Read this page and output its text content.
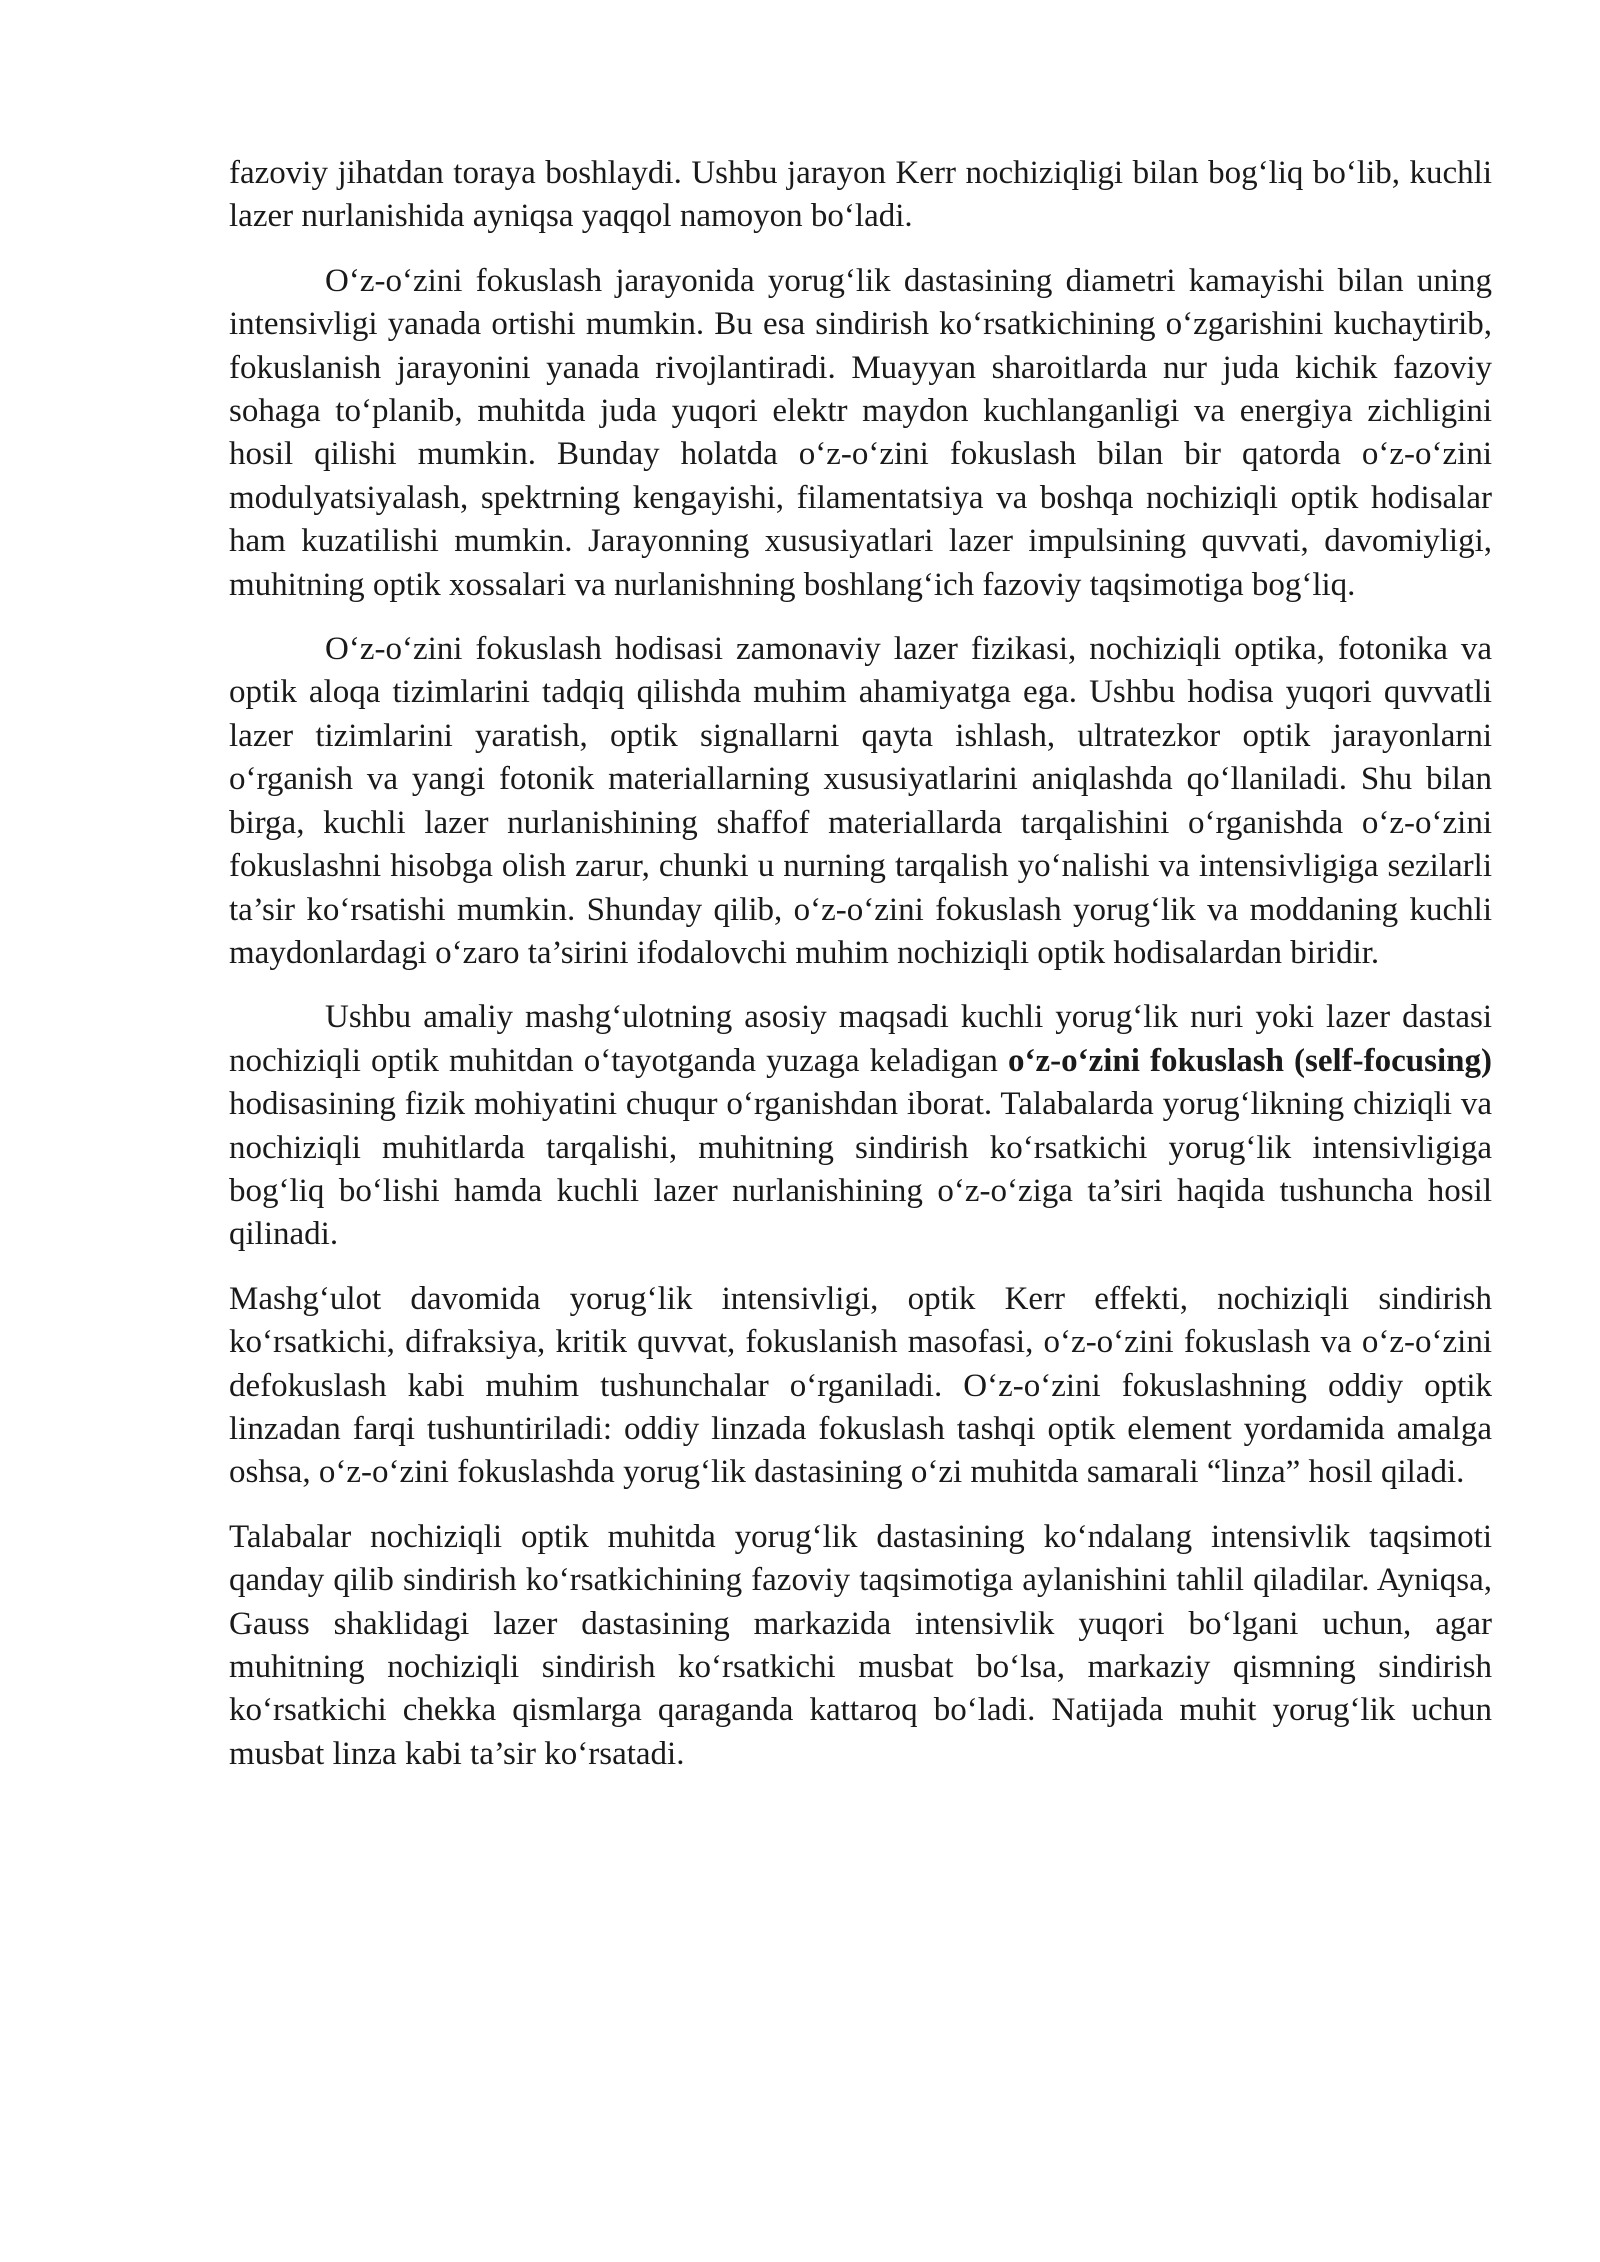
fazoviy jihatdan toraya boshlaydi. Ushbu jarayon Kerr nochiziqligi bilan bog‘liq bo‘lib, kuchli lazer nurlanishida ayniqsa yaqqol namoyon bo‘ladi.

O‘z-o‘zini fokuslash jarayonida yorug‘lik dastasining diametri kamayishi bilan uning intensivligi yanada ortishi mumkin. Bu esa sindirish ko‘rsatkichining o‘zgarishini kuchaytirib, fokuslanish jarayonini yanada rivojlantiradi. Muayyan sharoitlarda nur juda kichik fazoviy sohaga to‘planib, muhitda juda yuqori elektr maydon kuchlanganligi va energiya zichligini hosil qilishi mumkin. Bunday holatda o‘z-o‘zini fokuslash bilan bir qatorda o‘z-o‘zini modulyatsiyalash, spektrning kengayishi, filamentatsiya va boshqa nochiziqli optik hodisalar ham kuzatilishi mumkin. Jarayonning xususiyatlari lazer impulsining quvvati, davomiyligi, muhitning optik xossalari va nurlanishning boshlang‘ich fazoviy taqsimotiga bog‘liq.

O‘z-o‘zini fokuslash hodisasi zamonaviy lazer fizikasi, nochiziqli optika, fotonika va optik aloqa tizimlarini tadqiq qilishda muhim ahamiyatga ega. Ushbu hodisa yuqori quvvatli lazer tizimlarini yaratish, optik signallarni qayta ishlash, ultratezkor optik jarayonlarni o‘rganish va yangi fotonik materiallarning xususiyatlarini aniqlashda qo‘llaniladi. Shu bilan birga, kuchli lazer nurlanishining shaffof materiallarda tarqalishini o‘rganishda o‘z-o‘zini fokuslashni hisobga olish zarur, chunki u nurning tarqalish yo‘nalishi va intensivligiga sezilarli ta’sir ko‘rsatishi mumkin. Shunday qilib, o‘z-o‘zini fokuslash yorug‘lik va moddaning kuchli maydonlardagi o‘zaro ta’sirini ifodalovchi muhim nochiziqli optik hodisalardan biridir.

Ushbu amaliy mashg‘ulotning asosiy maqsadi kuchli yorug‘lik nuri yoki lazer dastasi nochiziqli optik muhitdan o‘tayotganda yuzaga keladigan o‘z-o‘zini fokuslash (self-focusing) hodisasining fizik mohiyatini chuqur o‘rganishdan iborat. Talabalarda yorug‘likning chiziqli va nochiziqli muhitlarda tarqalishi, muhitning sindirish ko‘rsatkichi yorug‘lik intensivligiga bog‘liq bo‘lishi hamda kuchli lazer nurlanishining o‘z-o‘ziga ta’siri haqida tushuncha hosil qilinadi.

Mashg‘ulot davomida yorug‘lik intensivligi, optik Kerr effekti, nochiziqli sindirish ko‘rsatkichi, difraksiya, kritik quvvat, fokuslanish masofasi, o‘z-o‘zini fokuslash va o‘z-o‘zini defokuslash kabi muhim tushunchalar o‘rganiladi. O‘z-o‘zini fokuslashning oddiy optik linzadan farqi tushuntiriladi: oddiy linzada fokuslash tashqi optik element yordamida amalga oshsa, o‘z-o‘zini fokuslashda yorug‘lik dastasining o‘zi muhitda samarali “linza” hosil qiladi.

Talabalar nochiziqli optik muhitda yorug‘lik dastasining ko‘ndalang intensivlik taqsimoti qanday qilib sindirish ko‘rsatkichining fazoviy taqsimotiga aylanishini tahlil qiladilar. Ayniqsa, Gauss shaklidagi lazer dastasining markazida intensivlik yuqori bo‘lgani uchun, agar muhitning nochiziqli sindirish ko‘rsatkichi musbat bo‘lsa, markaziy qismning sindirish ko‘rsatkichi chekka qismlarga qaraganda kattaroq bo‘ladi. Natijada muhit yorug‘lik uchun musbat linza kabi ta’sir ko‘rsatadi.
